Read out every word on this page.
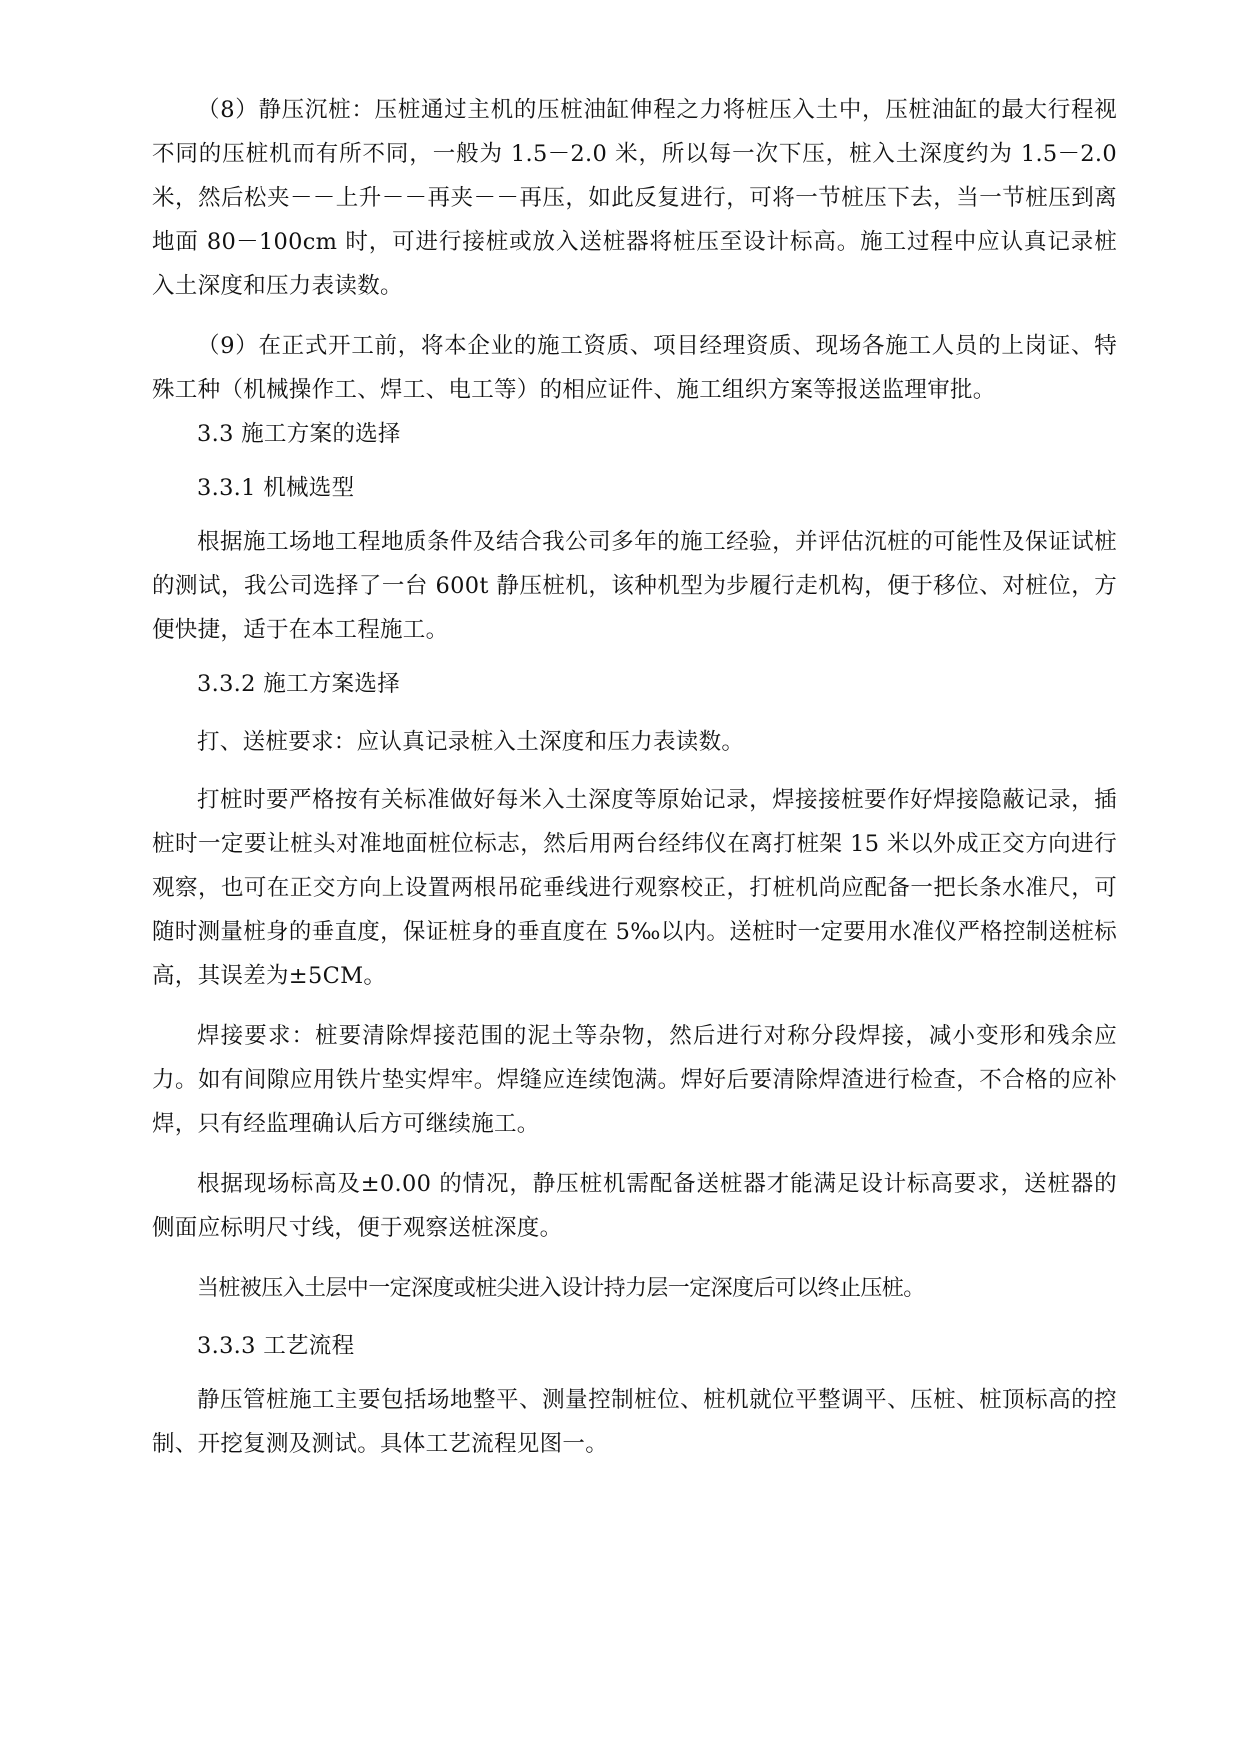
（8）静压沉桩：压桩通过主机的压桩油缸伸程之力将桩压入土中，压桩油缸的最大行程视不同的压桩机而有所不同，一般为 1.5－2.0 米，所以每一次下压，桩入土深度约为 1.5－2.0 米，然后松夹－－上升－－再夹－－再压，如此反复进行，可将一节桩压下去，当一节桩压到离地面 80－100cm 时，可进行接桩或放入送桩器将桩压至设计标高。施工过程中应认真记录桩入土深度和压力表读数。

（9）在正式开工前，将本企业的施工资质、项目经理资质、现场各施工人员的上岗证、特殊工种（机械操作工、焊工、电工等）的相应证件、施工组织方案等报送监理审批。

3.3 施工方案的选择

3.3.1 机械选型

根据施工场地工程地质条件及结合我公司多年的施工经验，并评估沉桩的可能性及保证试桩的测试，我公司选择了一台 600t 静压桩机，该种机型为步履行走机构，便于移位、对桩位，方便快捷，适于在本工程施工。

3.3.2 施工方案选择

打、送桩要求：应认真记录桩入土深度和压力表读数。

打桩时要严格按有关标准做好每米入土深度等原始记录，焊接接桩要作好焊接隐蔽记录，插桩时一定要让桩头对准地面桩位标志，然后用两台经纬仪在离打桩架 15 米以外成正交方向进行观察，也可在正交方向上设置两根吊砣垂线进行观察校正，打桩机尚应配备一把长条水准尺，可随时测量桩身的垂直度，保证桩身的垂直度在 5‰以内。送桩时一定要用水准仪严格控制送桩标高，其误差为±5CM。

焊接要求：桩要清除焊接范围的泥土等杂物，然后进行对称分段焊接，减小变形和残余应力。如有间隙应用铁片垫实焊牢。焊缝应连续饱满。焊好后要清除焊渣进行检查，不合格的应补焊，只有经监理确认后方可继续施工。

根据现场标高及±0.00 的情况，静压桩机需配备送桩器才能满足设计标高要求，送桩器的侧面应标明尺寸线，便于观察送桩深度。

当桩被压入土层中一定深度或桩尖进入设计持力层一定深度后可以终止压桩。

3.3.3 工艺流程

静压管桩施工主要包括场地整平、测量控制桩位、桩机就位平整调平、压桩、桩顶标高的控制、开挖复测及测试。具体工艺流程见图一。
